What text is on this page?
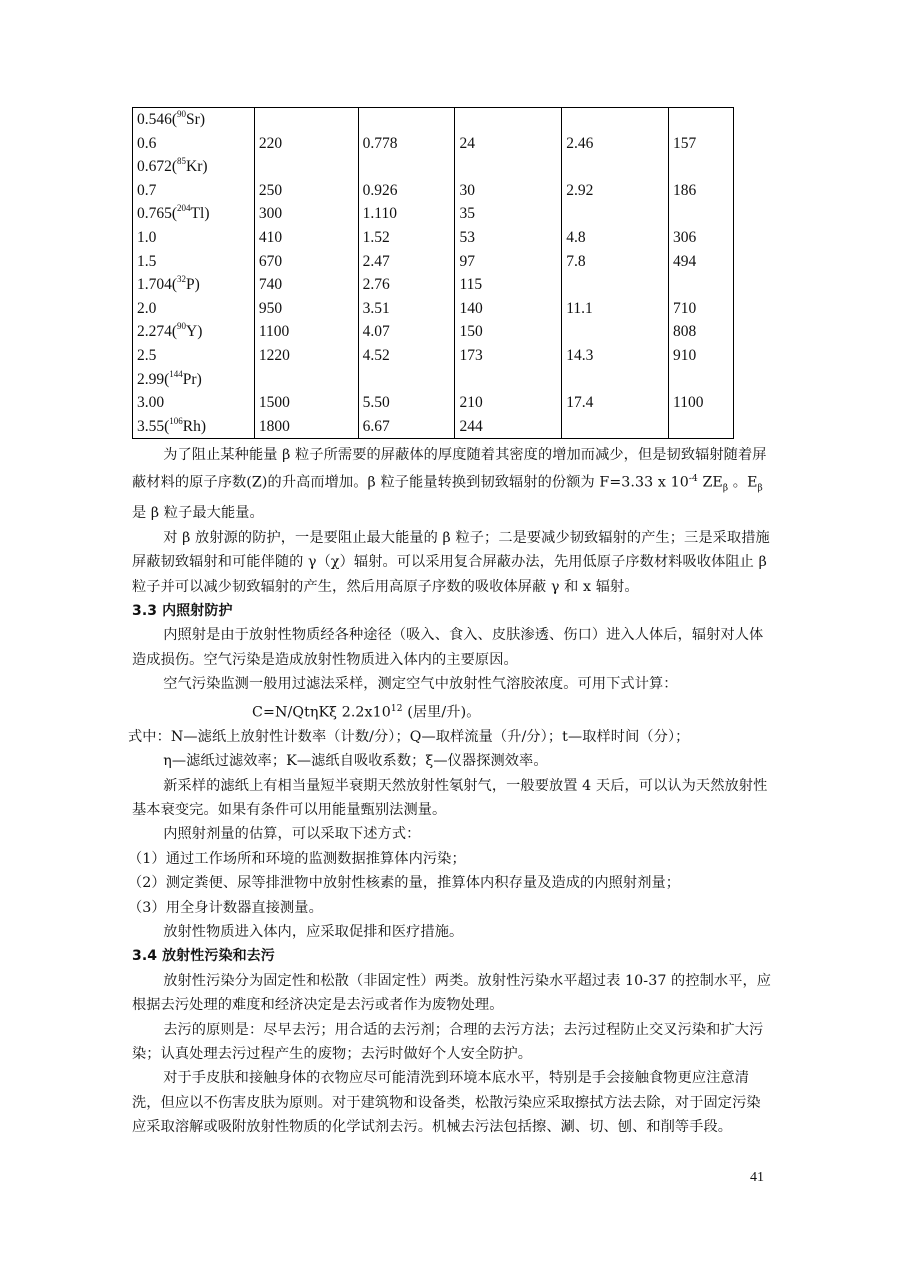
0.546($^{90}$Sr)					
0.6	220	0.778	24	2.46	157
0.672($^{85}$Kr)					
0.7	250	0.926	30	2.92	186
0.765($^{204}$Tl)	300	1.110	35		
1.0	410	1.52	53	4.8	306
1.5	670	2.47	97	7.8	494
1.704($^{32}$P)	740	2.76	115		
2.0	950	3.51	140	11.1	710
2.274($^{90}$Y)	1100	4.07	150		808
2.5	1220	4.52	173	14.3	910
2.99($^{144}$Pr)					
3.00	1500	5.50	210	17.4	1100
3.55($^{106}$Rh)	1800	6.67	244		

为了阻止某种能量 β 粒子所需要的屏蔽体的厚度随着其密度的增加而减少，但是韧致辐射随着屏蔽材料的原子序数(Z)的升高而增加。β 粒子能量转换到韧致辐射的份额为 F=3.33 x $10^{-4}$ $ZE_\beta$ 。$E_\beta$ 是 β 粒子最大能量。

对 β 放射源的防护，一是要阻止最大能量的 β 粒子；二是要减少韧致辐射的产生；三是采取措施屏蔽韧致辐射和可能伴随的 γ（χ）辐射。可以采用复合屏蔽办法，先用低原子序数材料吸收体阻止 β 粒子并可以减少韧致辐射的产生，然后用高原子序数的吸收体屏蔽 γ 和 x 辐射。

3.3 内照射防护

内照射是由于放射性物质经各种途径（吸入、食入、皮肤渗透、伤口）进入人体后，辐射对人体造成损伤。空气污染是造成放射性物质进入体内的主要原因。

空气污染监测一般用过滤法采样，测定空气中放射性气溶胶浓度。可用下式计算：

C=N/QtηKξ $2.2x10^{12}$ (居里/升)。

式中：N—滤纸上放射性计数率（计数/分）；Q—取样流量（升/分）；t—取样时间（分）；

η—滤纸过滤效率；K—滤纸自吸收系数；ξ—仪器探测效率。

新采样的滤纸上有相当量短半衰期天然放射性氡射气，一般要放置 4 天后，可以认为天然放射性基本衰变完。如果有条件可以用能量甄别法测量。

内照射剂量的估算，可以采取下述方式：

（1）通过工作场所和环境的监测数据推算体内污染；

（2）测定粪便、尿等排泄物中放射性核素的量，推算体内积存量及造成的内照射剂量；

（3）用全身计数器直接测量。

放射性物质进入体内，应采取促排和医疗措施。

3.4 放射性污染和去污

放射性污染分为固定性和松散（非固定性）两类。放射性污染水平超过表 10-37 的控制水平，应根据去污处理的难度和经济决定是去污或者作为废物处理。

去污的原则是：尽早去污；用合适的去污剂；合理的去污方法；去污过程防止交叉污染和扩大污染；认真处理去污过程产生的废物；去污时做好个人安全防护。

对于手皮肤和接触身体的衣物应尽可能清洗到环境本底水平，特别是手会接触食物更应注意清洗，但应以不伤害皮肤为原则。对于建筑物和设备类，松散污染应采取擦拭方法去除，对于固定污染应采取溶解或吸附放射性物质的化学试剂去污。机械去污法包括擦、涮、切、刨、和削等手段。

41
